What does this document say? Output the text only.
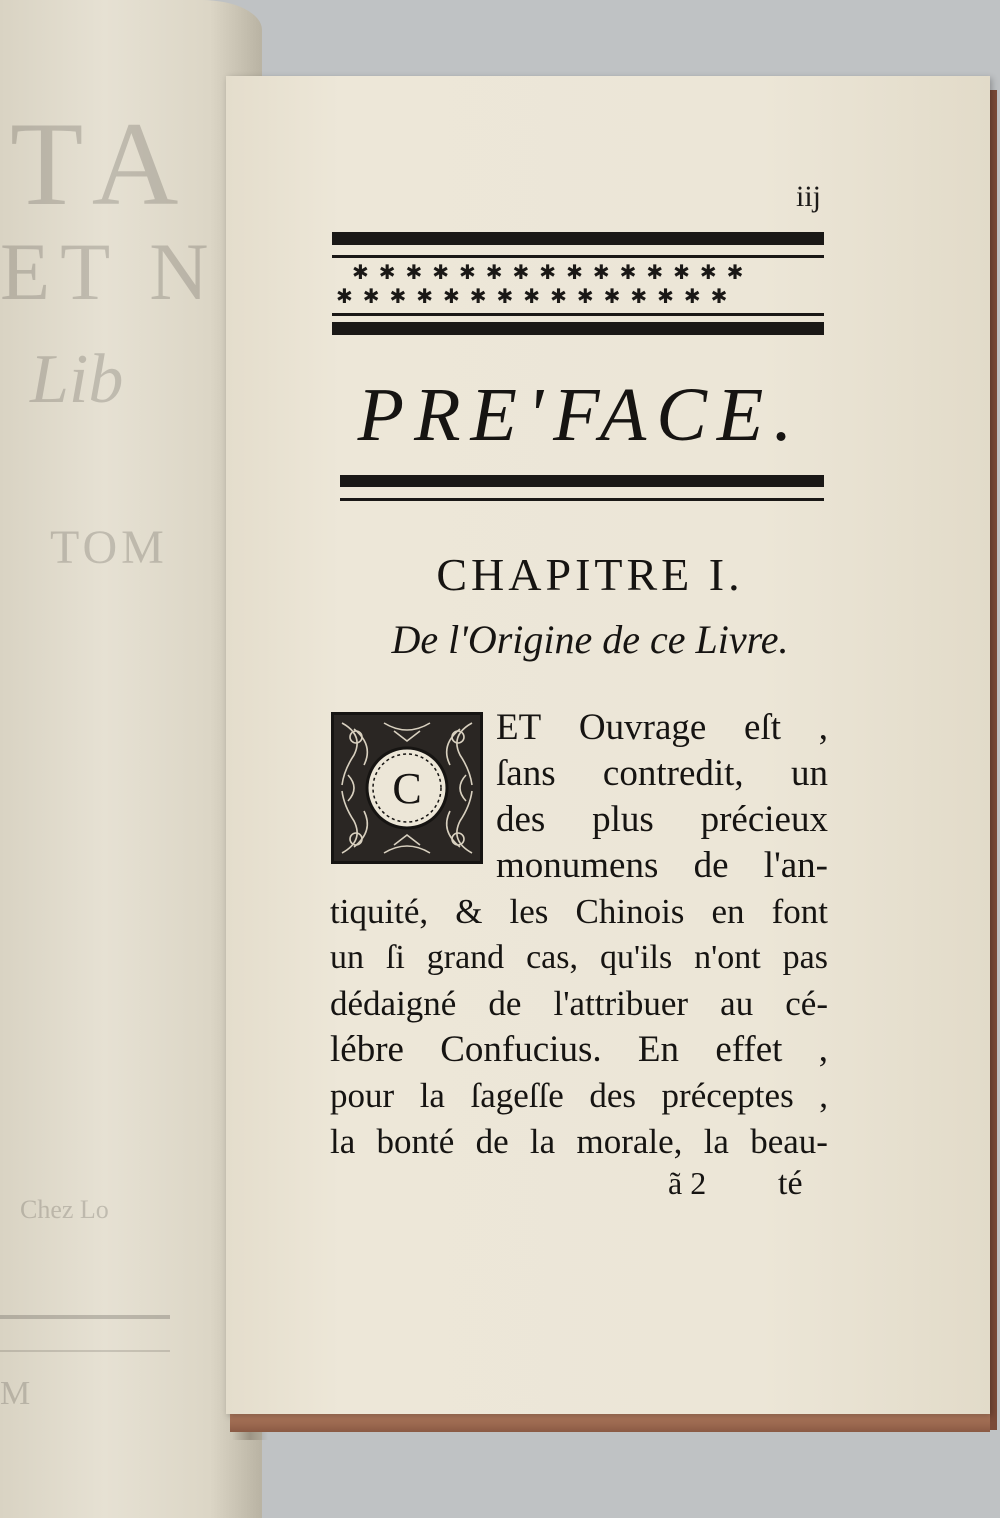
TA
ET N
Lib
TOM
Chez Lo
M
iij
✱✱✱✱✱✱✱✱✱✱✱✱✱✱✱
✱✱✱✱✱✱✱✱✱✱✱✱✱✱✱
PRE'FACE.
CHAPITRE I.
De l'Origine de ce Livre.
C
ET Ouvrage eſt ,
ſans contredit, un
des plus précieux
monumens de l'an-
tiquité, & les Chinois en font
un ſi grand cas, qu'ils n'ont pas
dédaigné de l'attribuer au cé-
lébre Confucius. En effet ,
pour la ſageſſe des préceptes ,
la bonté de la morale, la beau-
ã 2 té
